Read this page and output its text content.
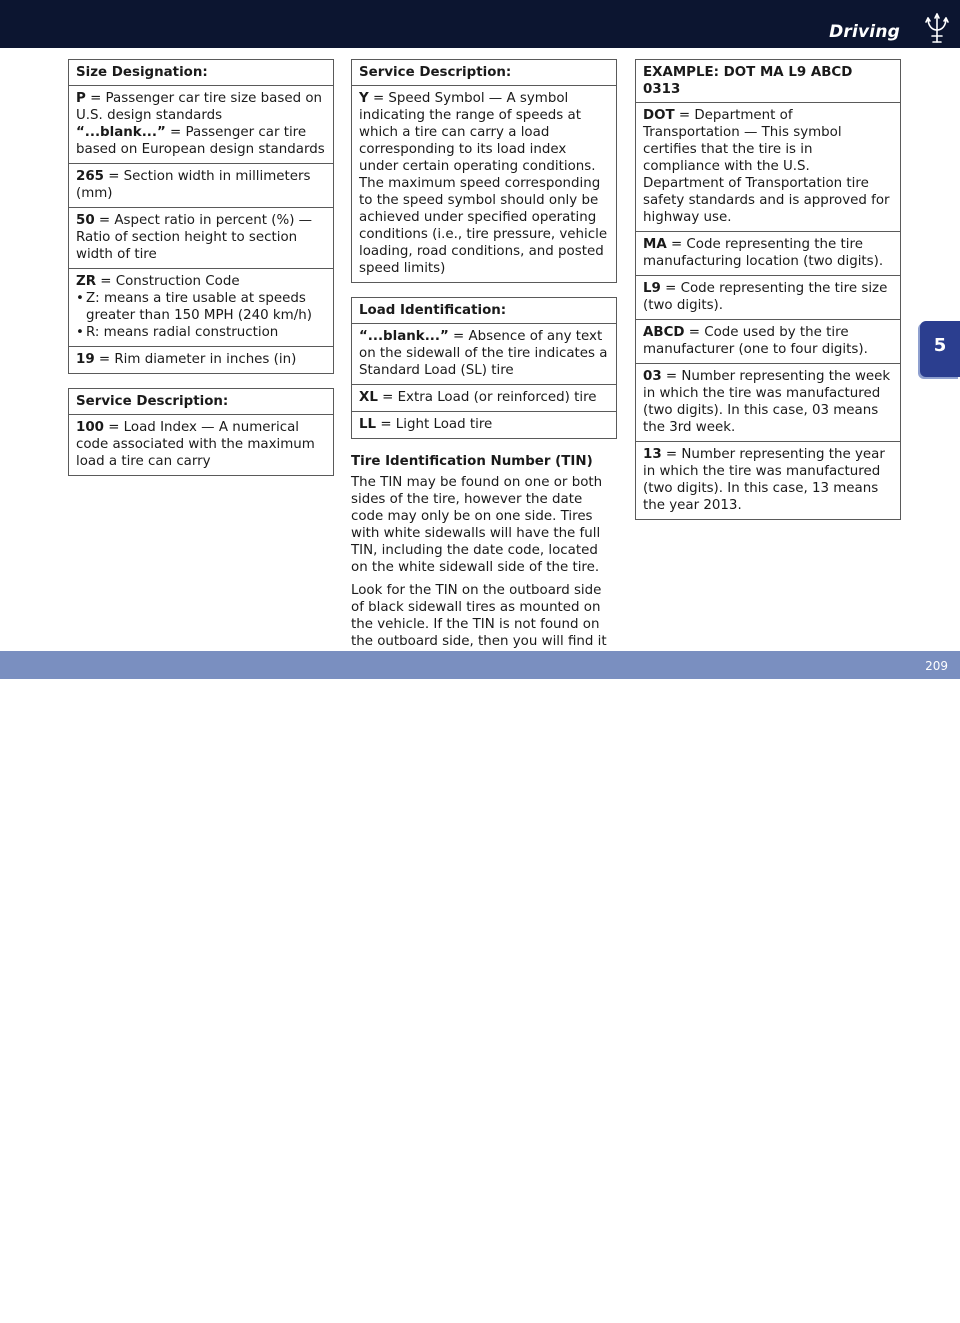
Driving
Size Designation:

P = Passenger car tire size based on U.S. design standards

“...blank...” = Passenger car tire based on European design standards

265 = Section width in millimeters (mm)
50 = Aspect ratio in percent (%) — Ratio of section height to section width of tire

ZR = Construction Code

• Z: means a tire usable at speeds greater than 150 MPH (240 km/h)

• R: means radial construction

19 = Rim diameter in inches (in)
Service Description:
100 = Load Index — A numerical code associated with the maximum load a tire can carry
Service Description:

Y = Speed Symbol — A symbol indicating the range of speeds at which a tire can carry a load corresponding to its load index under certain operating conditions.

The maximum speed corresponding to the speed symbol should only be achieved under specified operating conditions (i.e., tire pressure, vehicle loading, road conditions, and posted speed limits)

Load Identification:
“...blank...” = Absence of any text on the sidewall of the tire indicates a Standard Load (SL) tire
XL = Extra Load (or reinforced) tire
LL = Light Load tire
Tire Identification Number (TIN)

The TIN may be found on one or both sides of the tire, however the date code may only be on one side. Tires with white sidewalls will have the full TIN, including the date code, located on the white sidewall side of the tire.

Look for the TIN on the outboard side of black sidewall tires as mounted on the vehicle. If the TIN is not found on the outboard side, then you will find it

EXAMPLE: DOT MA L9 ABCD 0313
DOT = Department of Transportation — This symbol certifies that the tire is in compliance with the U.S. Department of Transportation tire safety standards and is approved for highway use.
MA = Code representing the tire manufacturing location (two digits).
L9 = Code representing the tire size (two digits).
ABCD = Code used by the tire manufacturer (one to four digits).
03 = Number representing the week in which the tire was manufactured (two digits). In this case, 03 means the 3rd week.
13 = Number representing the year in which the tire was manufactured (two digits). In this case, 13 means the year 2013.
5
carmanualsonline.info
209
